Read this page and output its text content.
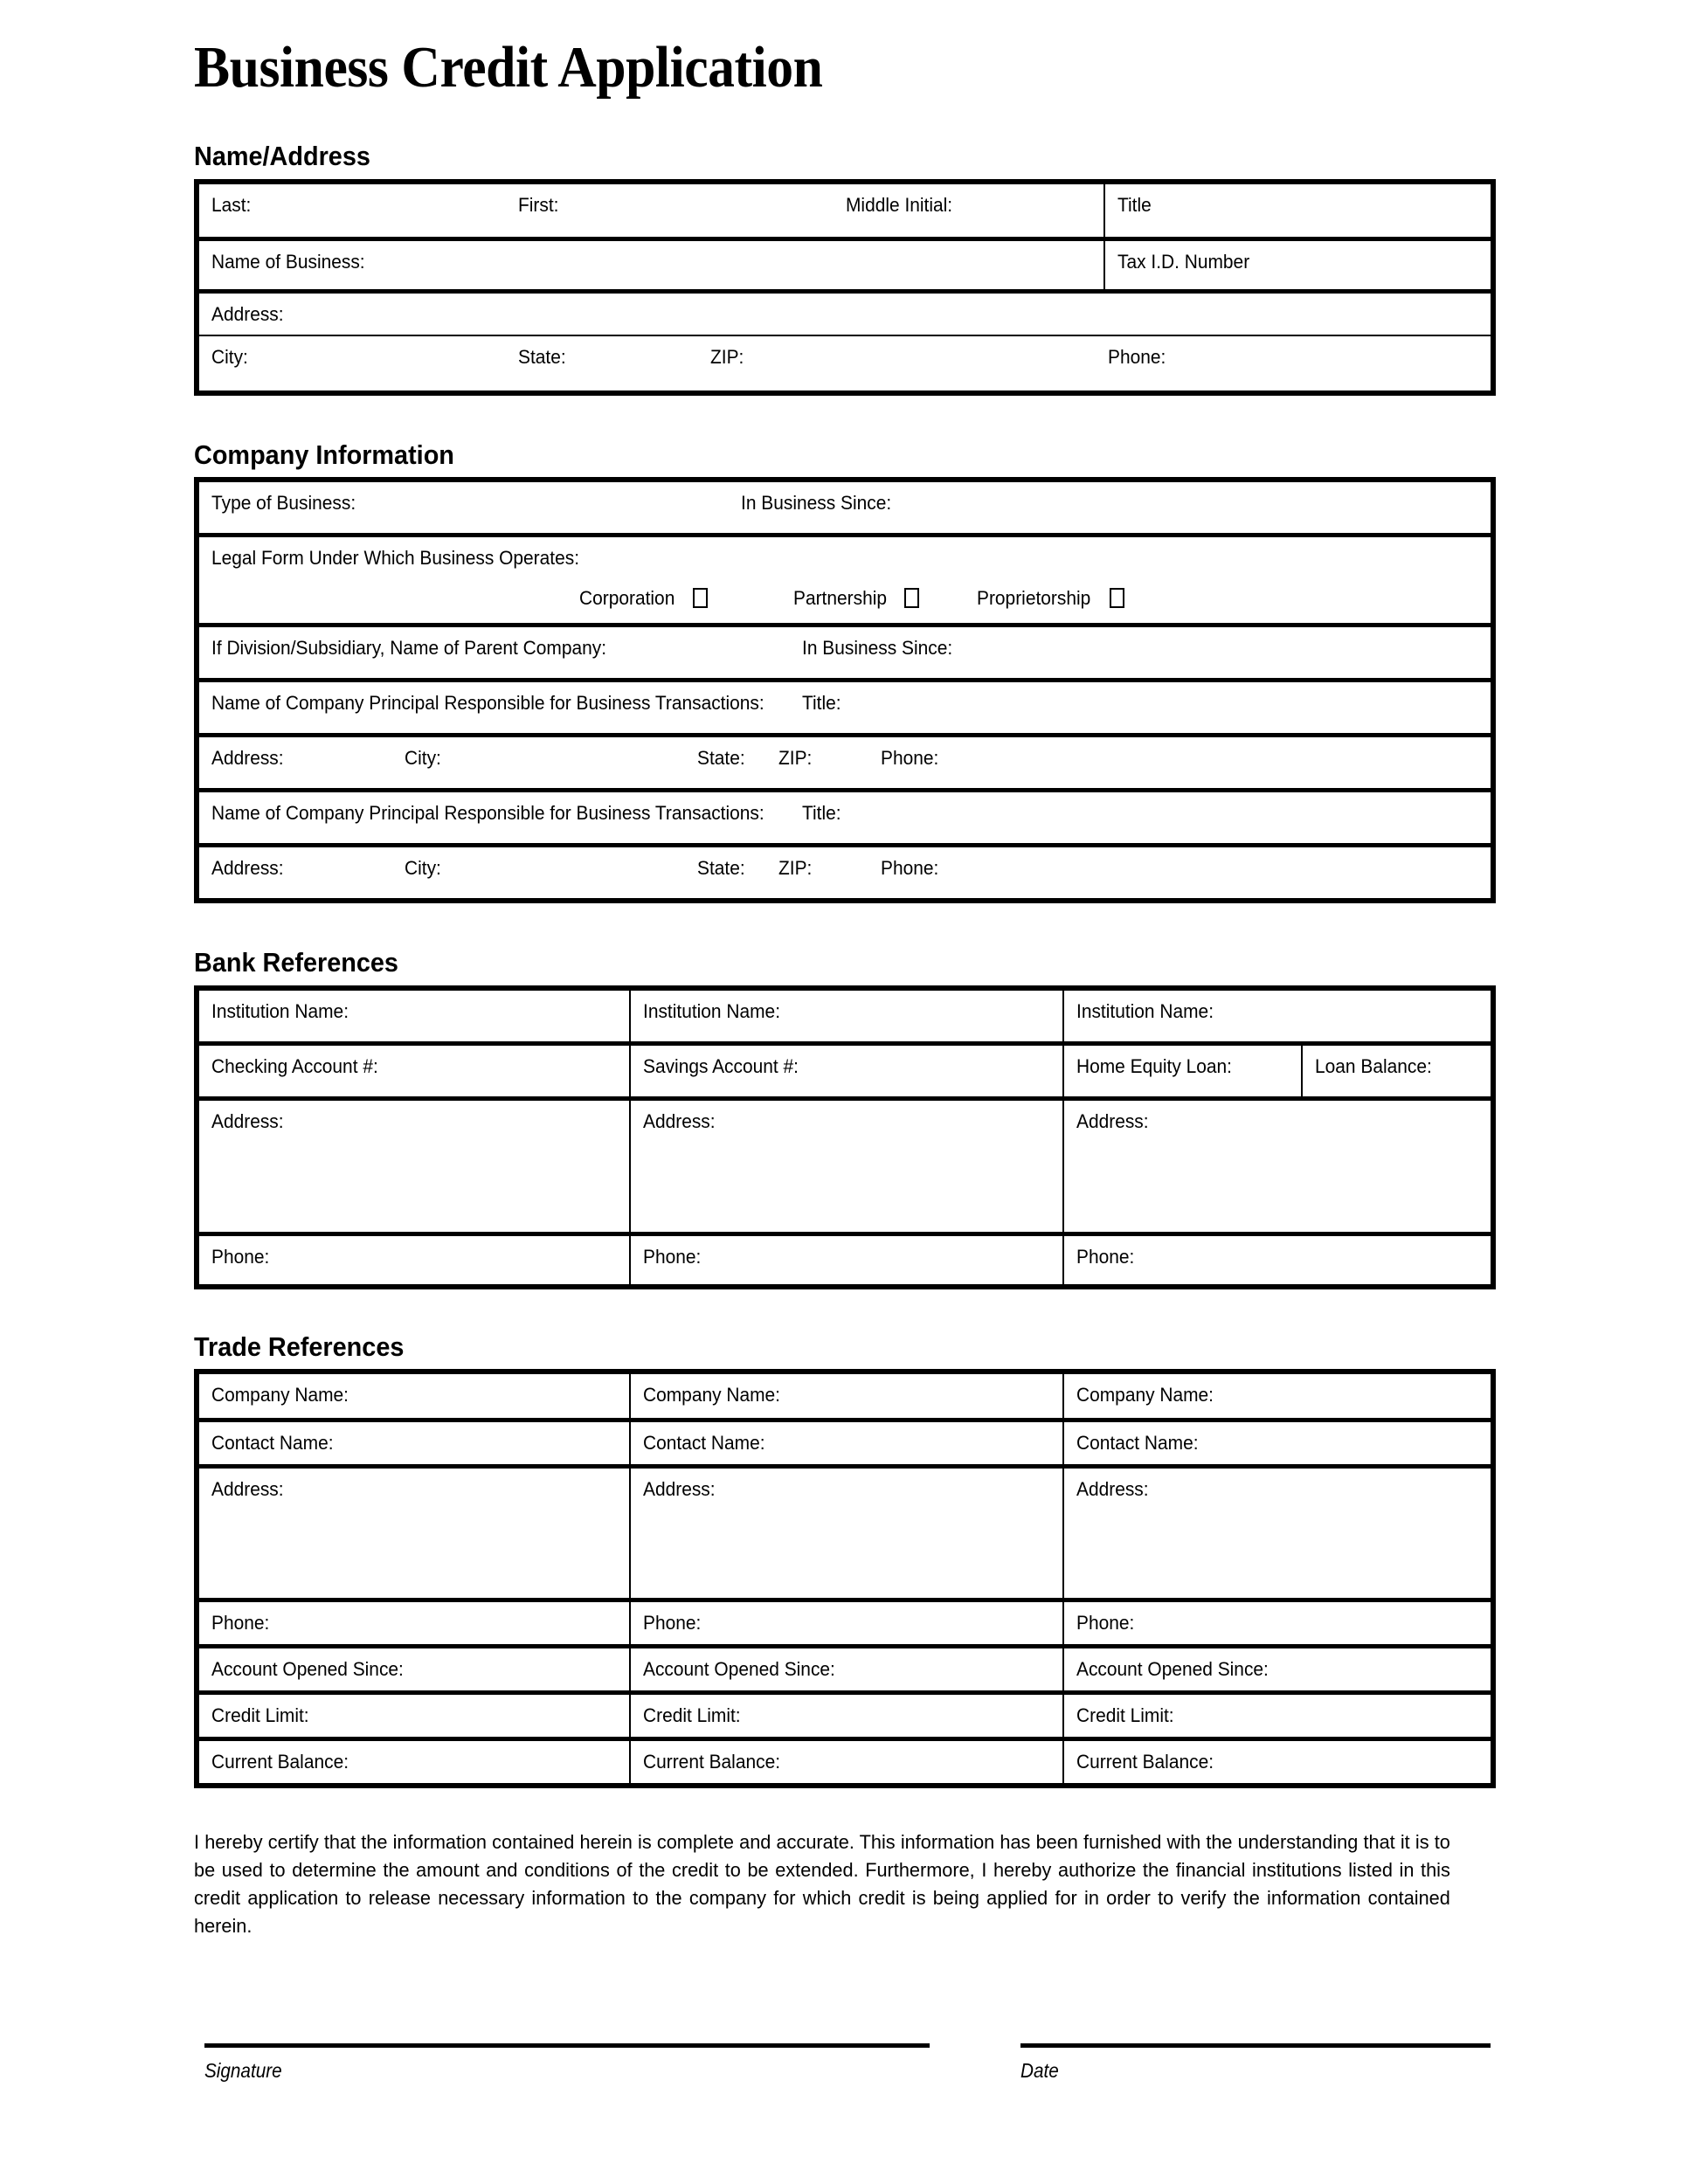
Business Credit Application
Name/Address
Last: First: Middle Initial:	Title

Name of Business:	Tax I.D. Number

Address:	

City: State: ZIP: Phone:	
Company Information
Type of Business:	In Business Since:

Legal Form Under Which Business Operates:
Corporation	Partnership	Proprietorship

If Division/Subsidiary, Name of Parent Company:	In Business Since:

Name of Company Principal Responsible for Business Transactions: Title:

Address:	City:	State: ZIP:	Phone:

Name of Company Principal Responsible for Business Transactions: Title:

Address:	City:	State: ZIP:	Phone:
Bank References
Institution Name:	Institution Name:	Institution Name:	

Checking Account #:	Savings Account #:	Home Equity Loan:	Loan Balance:

Address:	Address:	Address:	

Phone:	Phone:	Phone:	
Trade References
Company Name:	Company Name:	Company Name:

Contact Name:	Contact Name:	Contact Name:

Address:	Address:	Address:

Phone:	Phone:	Phone:

Account Opened Since:	Account Opened Since:	Account Opened Since:

Credit Limit:	Credit Limit:	Credit Limit:

Current Balance:	Current Balance:	Current Balance:
I hereby certify that the information contained herein is complete and accurate. This information has been furnished with the understanding that it is to be used to determine the amount and conditions of the credit to be extended. Furthermore, I hereby authorize the financial institutions listed in this credit application to release necessary information to the company for which credit is being applied for in order to verify the information contained herein.
Signature	Date
